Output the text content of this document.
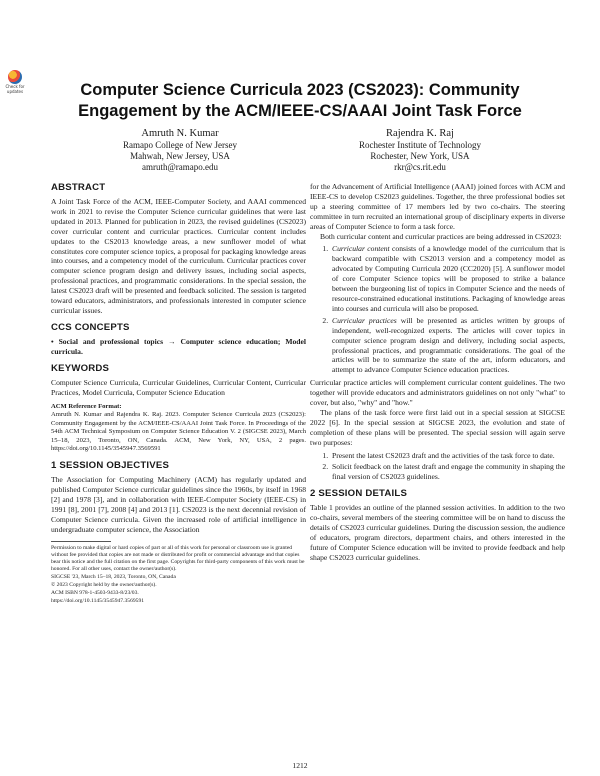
Check for updates	Computer Science Curricula 2023 (CS2023): Community Engagement by the ACM/IEEE-CS/AAAI Joint Task Force
Amruth N. Kumar
Ramapo College of New Jersey
Mahwah, New Jersey, USA
amruth@ramapo.edu
Rajendra K. Raj
Rochester Institute of Technology
Rochester, New York, USA
rkr@cs.rit.edu
ABSTRACT

A Joint Task Force of the ACM, IEEE-Computer Society, and AAAI commenced work in 2021 to revise the Computer Science curricular guidelines that were last updated in 2013. Planned for publication in 2023, the revised guidelines (CS2023) cover curricular content and curricular practices. Curricular content includes updates to the CS2013 knowledge areas, a new sunflower model of what constitutes core computer science topics, a proposal for packaging knowledge areas into courses, and a competency model of the curriculum. Curricular practices cover computer science program design and delivery issues, including social aspects, professional practices, and programmatic considerations. In the special session, the latest CS2023 draft will be presented and feedback solicited. The session is targeted toward educators, administrators, and professionals interested in computer science curricular issues.

CCS CONCEPTS

• Social and professional topics → Computer science education; Model curricula.

KEYWORDS

Computer Science Curricula, Curricular Guidelines, Curricular Content, Curricular Practices, Model Curricula, Computer Science Education

ACM Reference Format:
Amruth N. Kumar and Rajendra K. Raj. 2023. Computer Science Curricula 2023 (CS2023): Community Engagement by the ACM/IEEE-CS/AAAI Joint Task Force. In Proceedings of the 54th ACM Technical Symposium on Computer Science Education V. 2 (SIGCSE 2023), March 15–18, 2023, Toronto, ON, Canada. ACM, New York, NY, USA, 2 pages. https://doi.org/10.1145/3545947.3569591
1 SESSION OBJECTIVES

The Association for Computing Machinery (ACM) has regularly updated and published Computer Science curricular guidelines since the 1960s, by itself in 1968 [2] and 1978 [3], and in collaboration with IEEE-Computer Society (IEEE-CS) in 1991 [8], 2001 [7], 2008 [4] and 2013 [1]. CS2023 is the next decennial revision of Computer Science curricula. Given the increased role of artificial intelligence in undergraduate computer science, the Association

Permission to make digital or hard copies of part or all of this work for personal or classroom use is granted without fee provided that copies are not made or distributed for profit or commercial advantage and that copies bear this notice and the full citation on the first page. Copyrights for third-party components of this work must be honored. For all other uses, contact the owner/author(s).

SIGCSE '23, March 15–18, 2023, Toronto, ON, Canada

© 2023 Copyright held by the owner/author(s).

ACM ISBN 978-1-4503-9433-8/23/03.

https://doi.org/10.1145/3545947.3569591

for the Advancement of Artificial Intelligence (AAAI) joined forces with ACM and IEEE-CS to develop CS2023 guidelines. Together, the three professional bodies set up a steering committee of 17 members led by two co-chairs. The steering committee in turn recruited an international group of disciplinary experts in diverse areas of Computer Science to form a task force.

Both curricular content and curricular practices are being addressed in CS2023:

1. Curricular content consists of a knowledge model of the curriculum that is backward compatible with CS2013 version and a competency model as advocated by Computing Curricula 2020 (CC2020) [5]. A sunflower model of core Computer Science topics will be proposed to strike a balance between the burgeoning list of topics in Computer Science and the needs of resource-constrained educational institutions. Packaging of knowledge areas into courses and curricula will also be proposed.
2. Curricular practices will be presented as articles written by groups of independent, well-recognized experts. The articles will cover topics in computer science program design and delivery, including social aspects, professional practices, and programmatic considerations. The goal of the articles will be to summarize the state of the art, inform educators, and attempt to advance Computer Science education practices.

Curricular practice articles will complement curricular content guidelines. The two together will provide educators and administrators guidelines on not only "what" to cover, but also, "why" and "how."

The plans of the task force were first laid out in a special session at SIGCSE 2022 [6]. In the special session at SIGCSE 2023, the evolution and state of completion of these plans will be presented. The special session will again serve two purposes:

1. Present the latest CS2023 draft and the activities of the task force to date.
2. Solicit feedback on the latest draft and engage the community in shaping the final version of CS2023 guidelines.
2 SESSION DETAILS

Table 1 provides an outline of the planned session activities. In addition to the two co-chairs, several members of the steering committee will be on hand to discuss the details of CS2023 curricular guidelines. During the discussion session, the audience of educators, program directors, department chairs, and others interested in the future of Computer Science education will be invited to provide feedback and help shape CS2023 curricular guidelines.

1212
